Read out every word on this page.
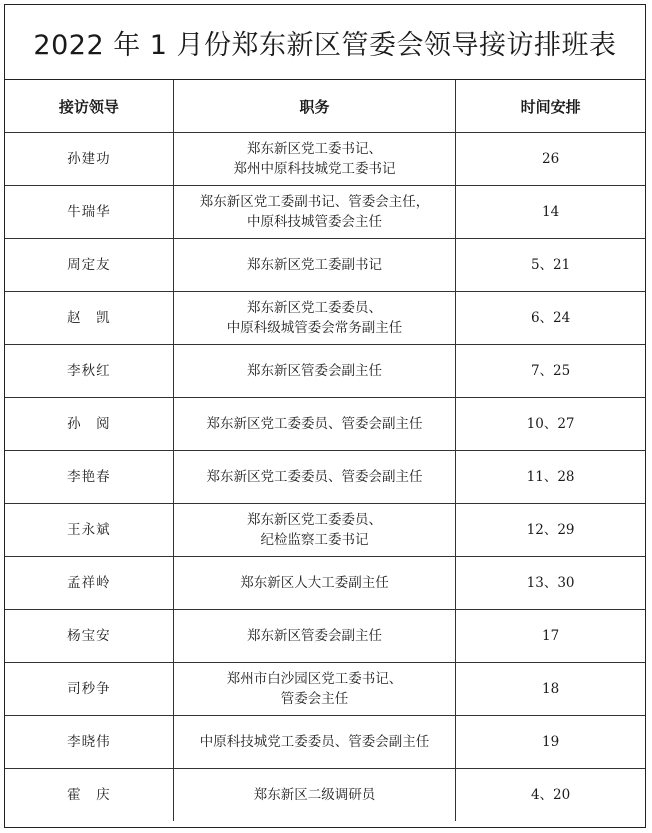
2022 年 1 月份郑东新区管委会领导接访排班表
接访领导	职务	时间安排
孙建功	郑东新区党工委书记、
郑州中原科技城党工委书记	26
牛瑞华	郑东新区党工委副书记、管委会主任，
中原科技城管委会主任	14
周定友	郑东新区党工委副书记	5、21
赵　凯	郑东新区党工委委员、
中原科级城管委会常务副主任	6、24
李秋红	郑东新区管委会副主任	7、25
孙　阅	郑东新区党工委委员、管委会副主任	10、27
李艳春	郑东新区党工委委员、管委会副主任	11、28
王永斌	郑东新区党工委委员、
纪检监察工委书记	12、29
孟祥岭	郑东新区人大工委副主任	13、30
杨宝安	郑东新区管委会副主任	17
司秒争	郑州市白沙园区党工委书记、
管委会主任	18
李晓伟	中原科技城党工委委员、管委会副主任	19
霍　庆	郑东新区二级调研员	4、20
